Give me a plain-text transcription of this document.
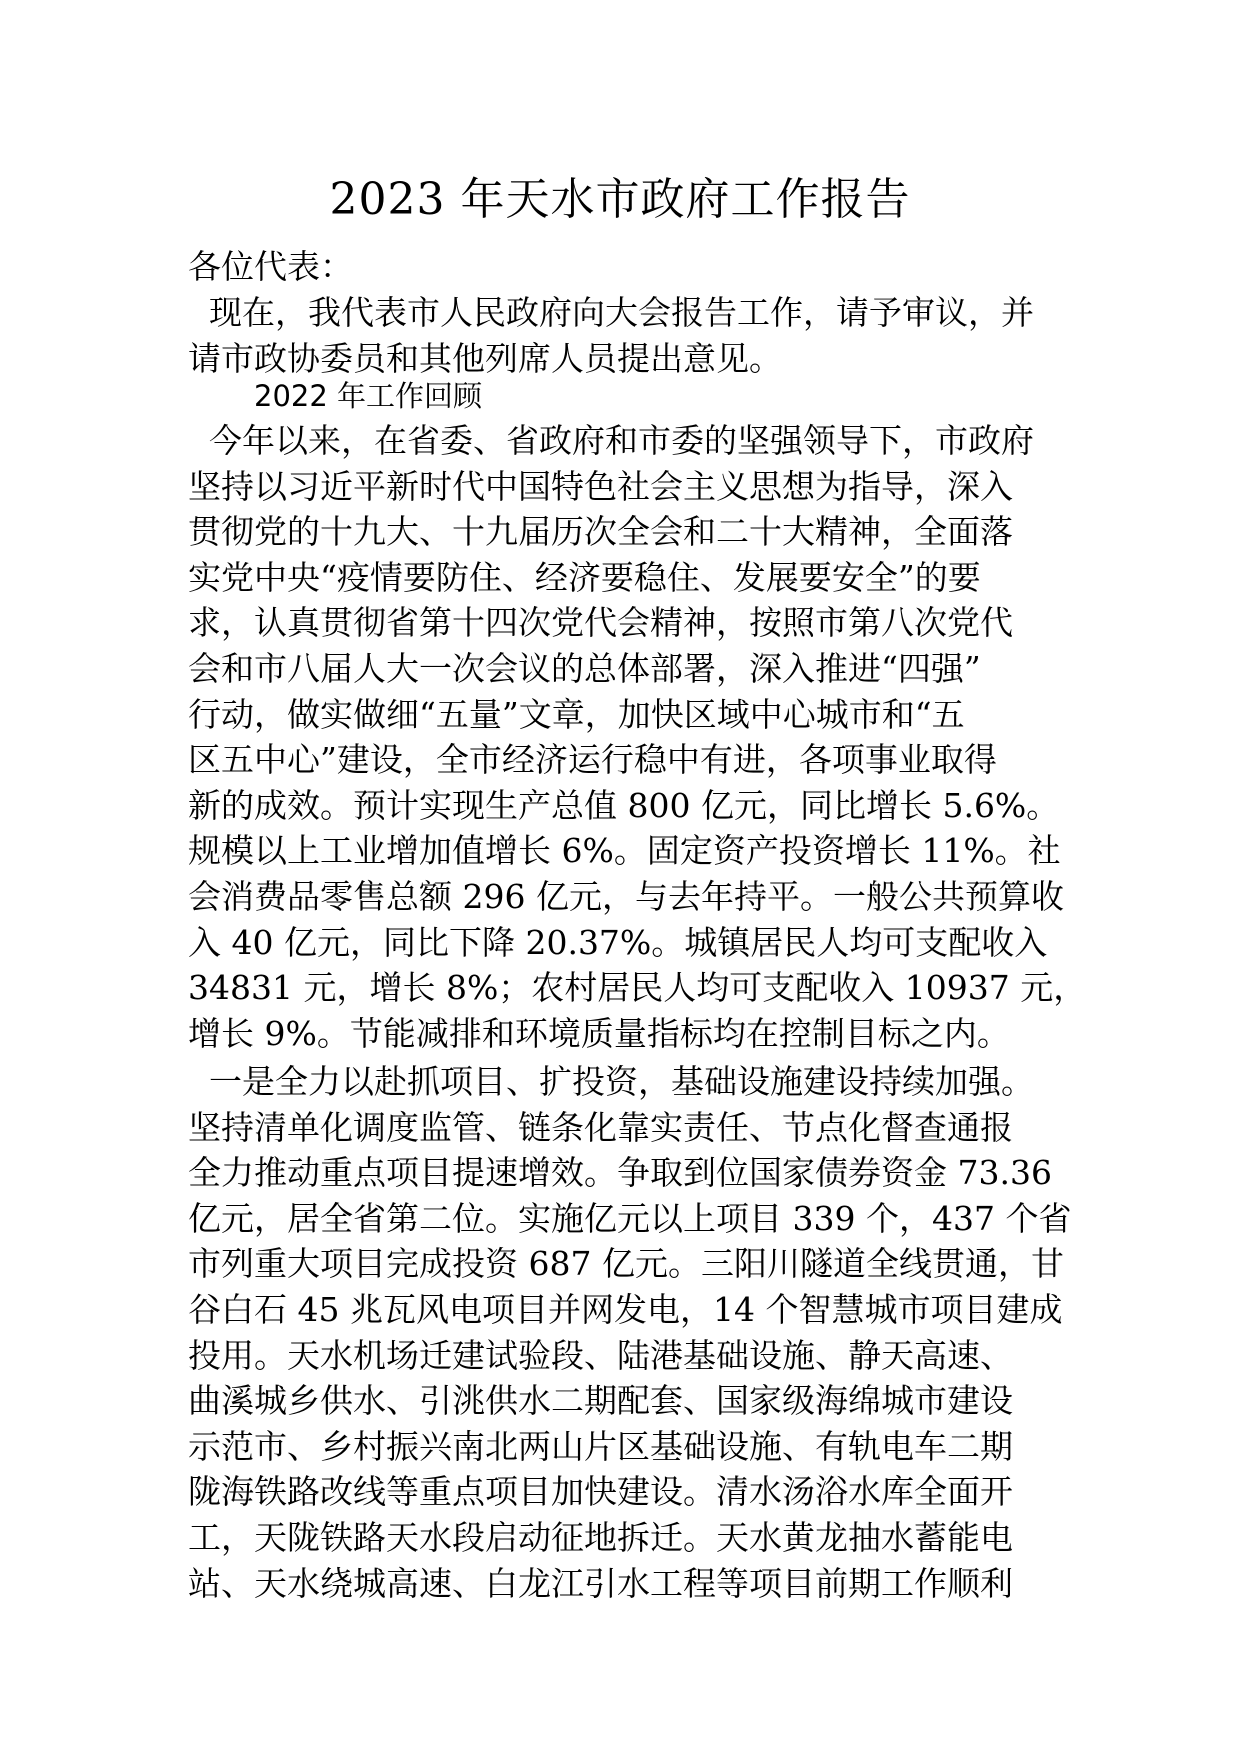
2023 年天水市政府工作报告
各位代表：
现在，我代表市人民政府向大会报告工作，请予审议，并
请市政协委员和其他列席人员提出意见。
2022 年工作回顾
今年以来，在省委、省政府和市委的坚强领导下，市政府
坚持以习近平新时代中国特色社会主义思想为指导，深入
贯彻党的十九大、十九届历次全会和二十大精神，全面落
实党中央“疫情要防住、经济要稳住、发展要安全”的要
求，认真贯彻省第十四次党代会精神，按照市第八次党代
会和市八届人大一次会议的总体部署，深入推进“四强”
行动，做实做细“五量”文章，加快区域中心城市和“五
区五中心”建设，全市经济运行稳中有进，各项事业取得
新的成效。预计实现生产总值 800 亿元，同比增长 5.6%。
规模以上工业增加值增长 6%。固定资产投资增长 11%。社
会消费品零售总额 296 亿元，与去年持平。一般公共预算收
入 40 亿元，同比下降 20.37%。城镇居民人均可支配收入
34831 元，增长 8%；农村居民人均可支配收入 10937 元，
增长 9%。节能减排和环境质量指标均在控制目标之内。
一是全力以赴抓项目、扩投资，基础设施建设持续加强。
坚持清单化调度监管、链条化靠实责任、节点化督查通报
全力推动重点项目提速增效。争取到位国家债券资金 73.36
亿元，居全省第二位。实施亿元以上项目 339 个，437 个省
市列重大项目完成投资 687 亿元。三阳川隧道全线贯通，甘
谷白石 45 兆瓦风电项目并网发电，14 个智慧城市项目建成
投用。天水机场迁建试验段、陆港基础设施、静天高速、
曲溪城乡供水、引洮供水二期配套、国家级海绵城市建设
示范市、乡村振兴南北两山片区基础设施、有轨电车二期
陇海铁路改线等重点项目加快建设。清水汤浴水库全面开
工，天陇铁路天水段启动征地拆迁。天水黄龙抽水蓄能电
站、天水绕城高速、白龙江引水工程等项目前期工作顺利
